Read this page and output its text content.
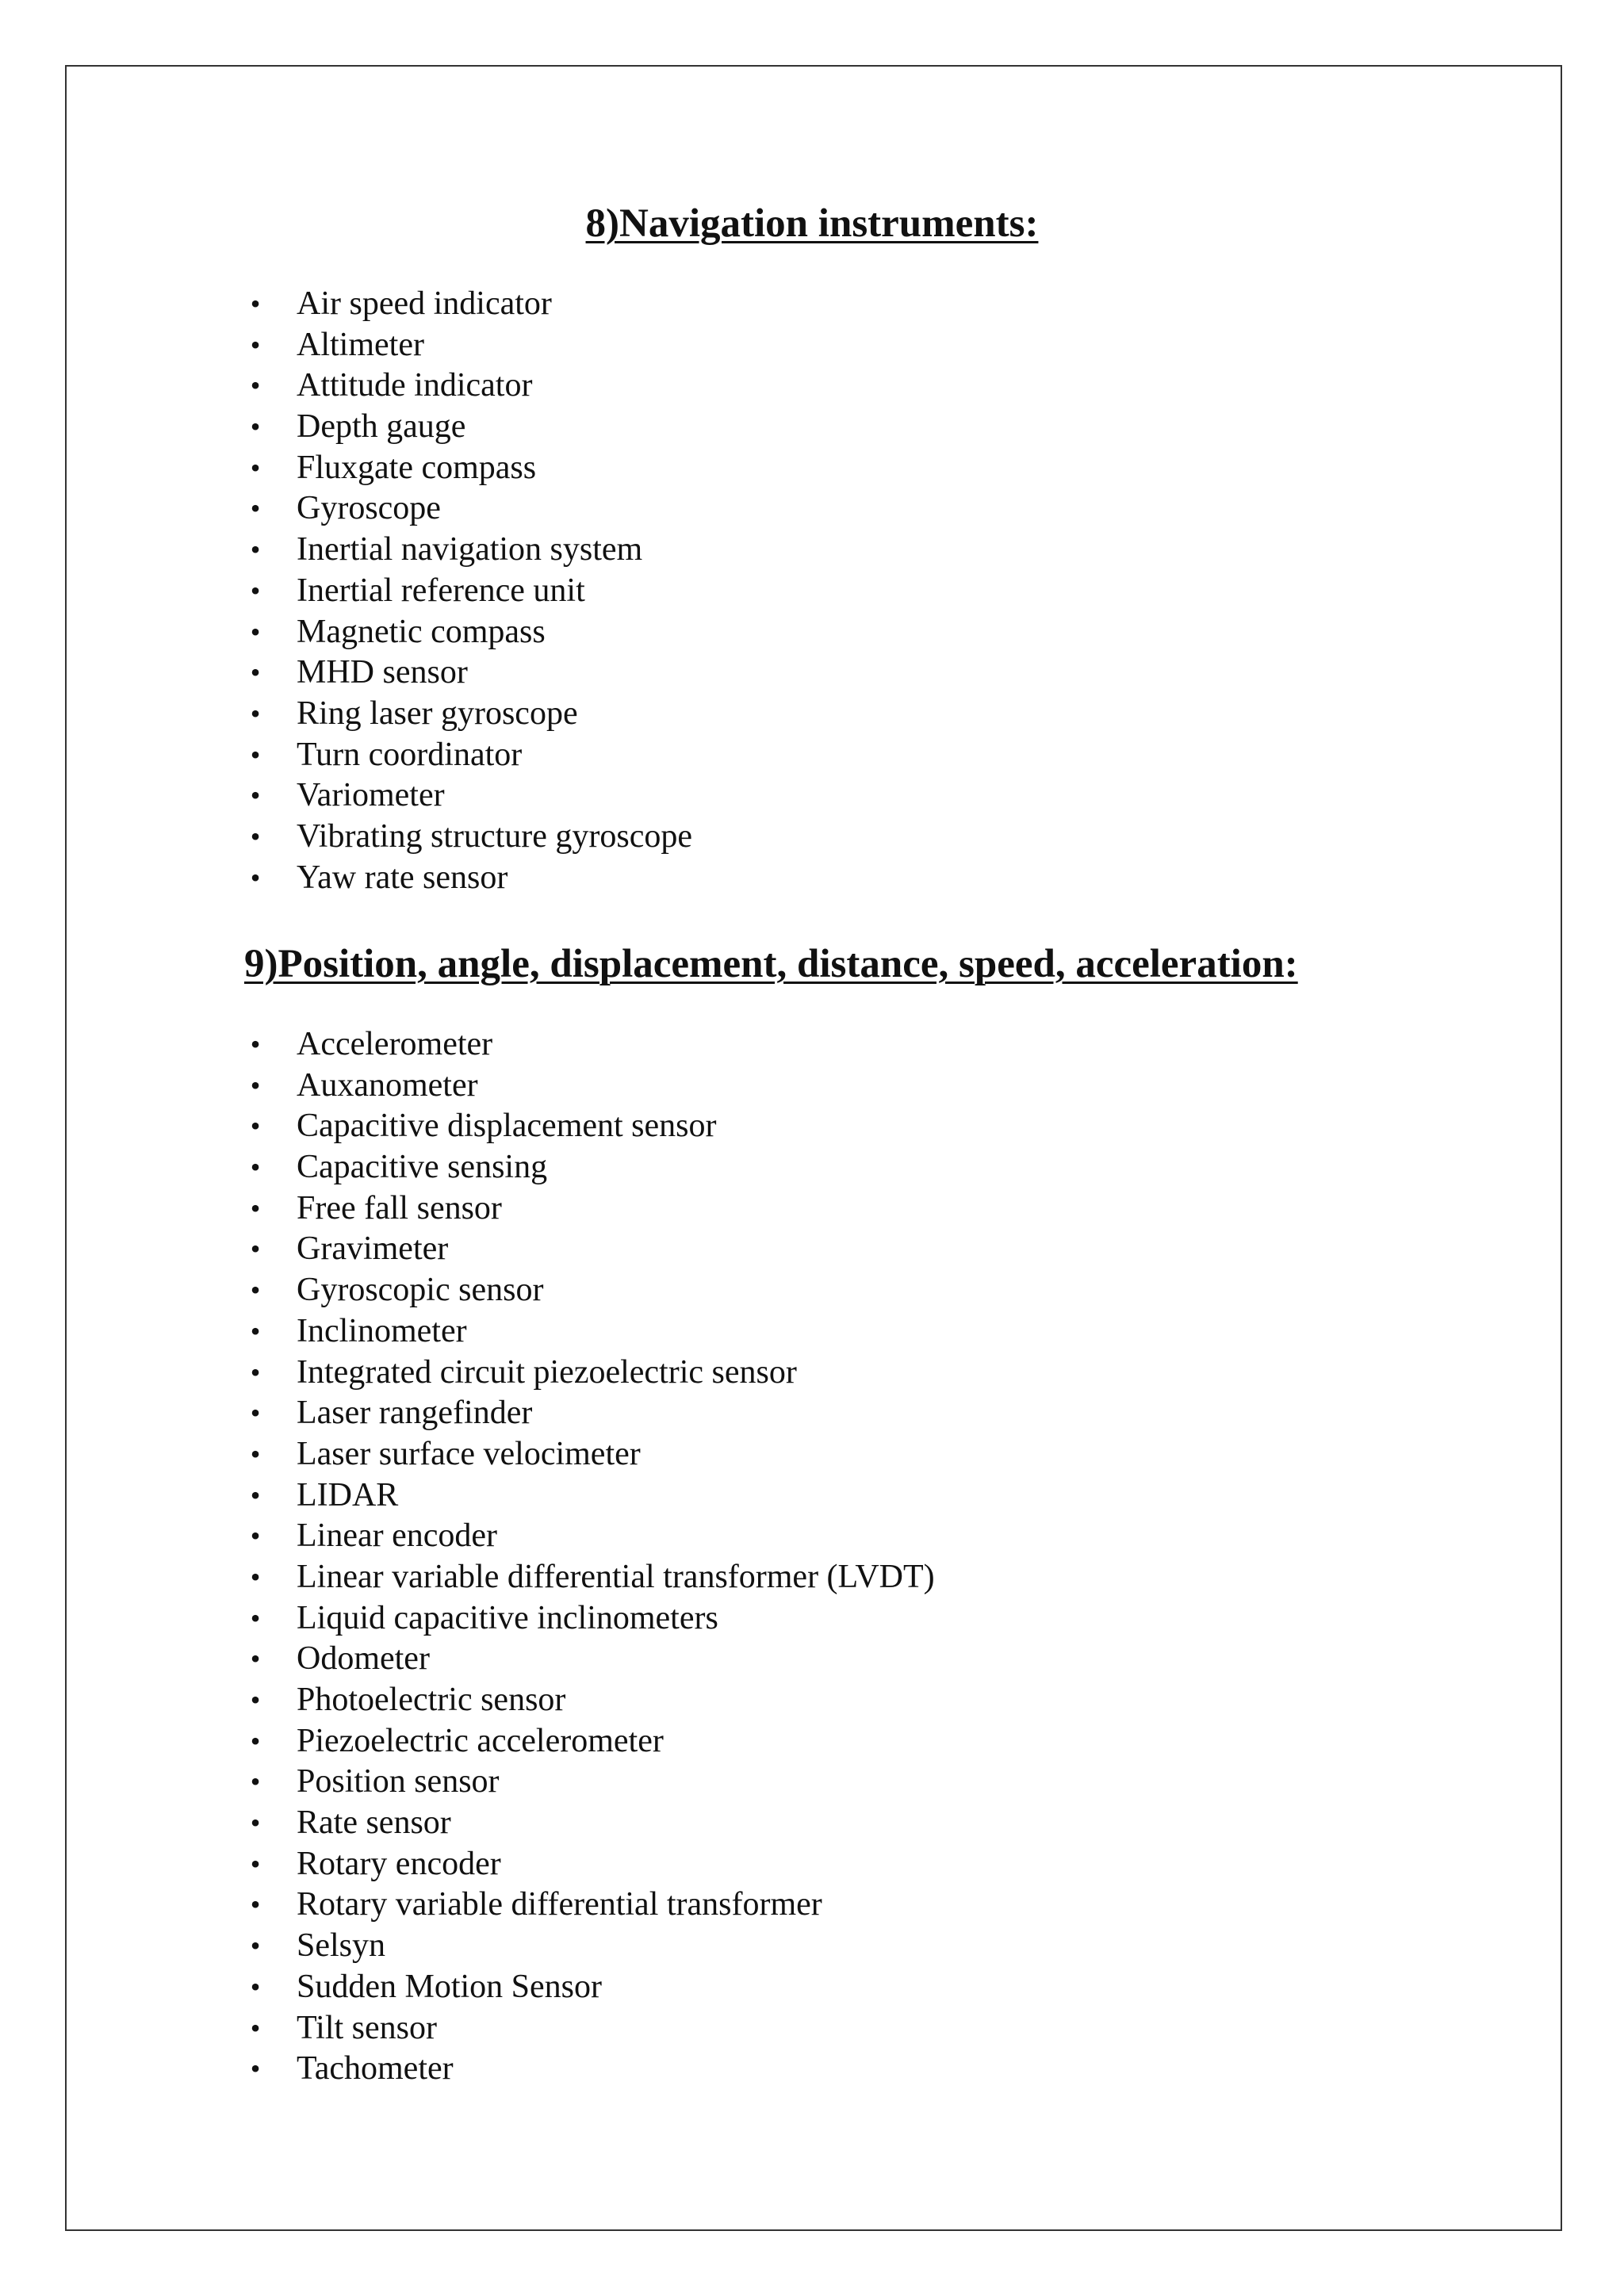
8)Navigation instruments:
• Air speed indicator
• Altimeter
• Attitude indicator
• Depth gauge
• Fluxgate compass
• Gyroscope
• Inertial navigation system
• Inertial reference unit
• Magnetic compass
• MHD sensor
• Ring laser gyroscope
• Turn coordinator
• Variometer
• Vibrating structure gyroscope
• Yaw rate sensor
9)Position, angle, displacement, distance, speed, acceleration:
• Accelerometer
• Auxanometer
• Capacitive displacement sensor
• Capacitive sensing
• Free fall sensor
• Gravimeter
• Gyroscopic sensor
• Inclinometer
• Integrated circuit piezoelectric sensor
• Laser rangefinder
• Laser surface velocimeter
• LIDAR
• Linear encoder
• Linear variable differential transformer (LVDT)
• Liquid capacitive inclinometers
• Odometer
• Photoelectric sensor
• Piezoelectric accelerometer
• Position sensor
• Rate sensor
• Rotary encoder
• Rotary variable differential transformer
• Selsyn
• Sudden Motion Sensor
• Tilt sensor
• Tachometer
